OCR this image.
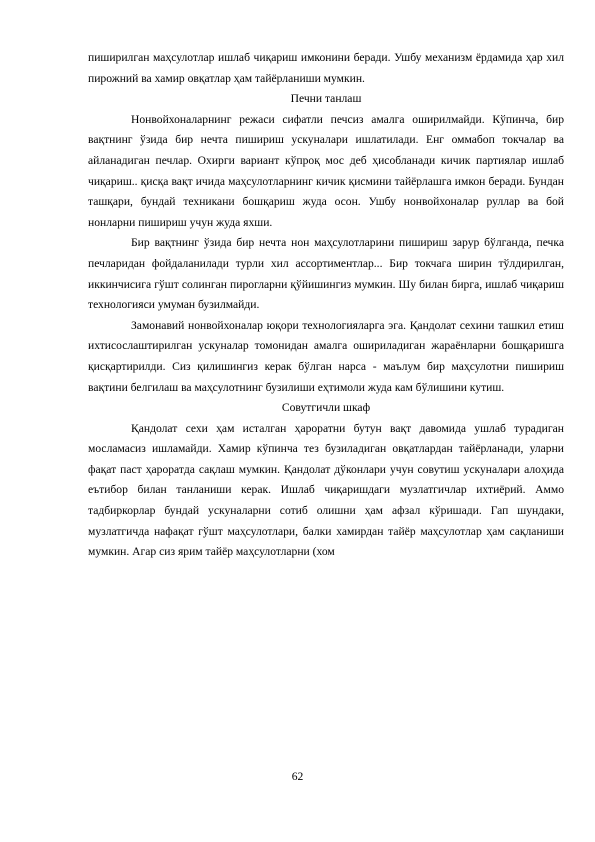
пиширилган маҳсулотлар ишлаб чиқариш имконини беради. Ушбу механизм ёрдамида ҳар хил пирожний ва хамир овқатлар ҳам тайёрланиши мумкин.

Печни танлаш

Нонвойхоналарнинг режаси сифатли печсиз амалга оширилмайди. Кўпинча, бир вақтнинг ўзида бир нечта пишириш ускуналари ишлатилади. Енг оммабоп токчалар ва айланадиган печлар. Охирги вариант кўпроқ мос деб ҳисобланади кичик партиялар ишлаб чиқариш.. қисқа вақт ичида маҳсулотларнинг кичик қисмини тайёрлашга имкон беради. Бундан ташқари, бундай техникани бошқариш жуда осон. Ушбу нонвойхоналар руллар ва бой нонларни пишириш учун жуда яхши.

Бир вақтнинг ўзида бир нечта нон маҳсулотларини пишириш зарур бўлганда, печка печларидан фойдаланилади турли хил ассортиментлар... Бир токчага ширин тўлдирилган, иккинчисига гўшт солинган пирогларни қўйишингиз мумкин. Шу билан бирга, ишлаб чиқариш технологияси умуман бузилмайди.

Замонавий нонвойхоналар юқори технологияларга эга. Қандолат сехини ташкил етиш ихтисослаштирилган ускуналар томонидан амалга ошириладиган жараёнларни бошқаришга қисқартирилди. Сиз қилишингиз керак бўлган нарса - маълум бир маҳсулотни пишириш вақтини белгилаш ва маҳсулотнинг бузилиши еҳтимоли жуда кам бўлишини кутиш.

Совутгичли шкаф

Қандолат сехи ҳам исталган ҳароратни бутун вақт давомида ушлаб турадиган мосламасиз ишламайди. Хамир кўпинча тез бузиладиган овқатлардан тайёрланади, уларни фақат паст ҳароратда сақлаш мумкин. Қандолат дўконлари учун совутиш ускуналари алоҳида еътибор билан танланиши керак. Ишлаб чиқаришдаги музлатгичлар ихтиёрий. Аммо тадбиркорлар бундай ускуналарни сотиб олишни ҳам афзал кўришади. Гап шундаки, музлатгичда нафақат гўшт маҳсулотлари, балки хамирдан тайёр маҳсулотлар ҳам сақланиши мумкин. Агар сиз ярим тайёр маҳсулотларни (хом

62
